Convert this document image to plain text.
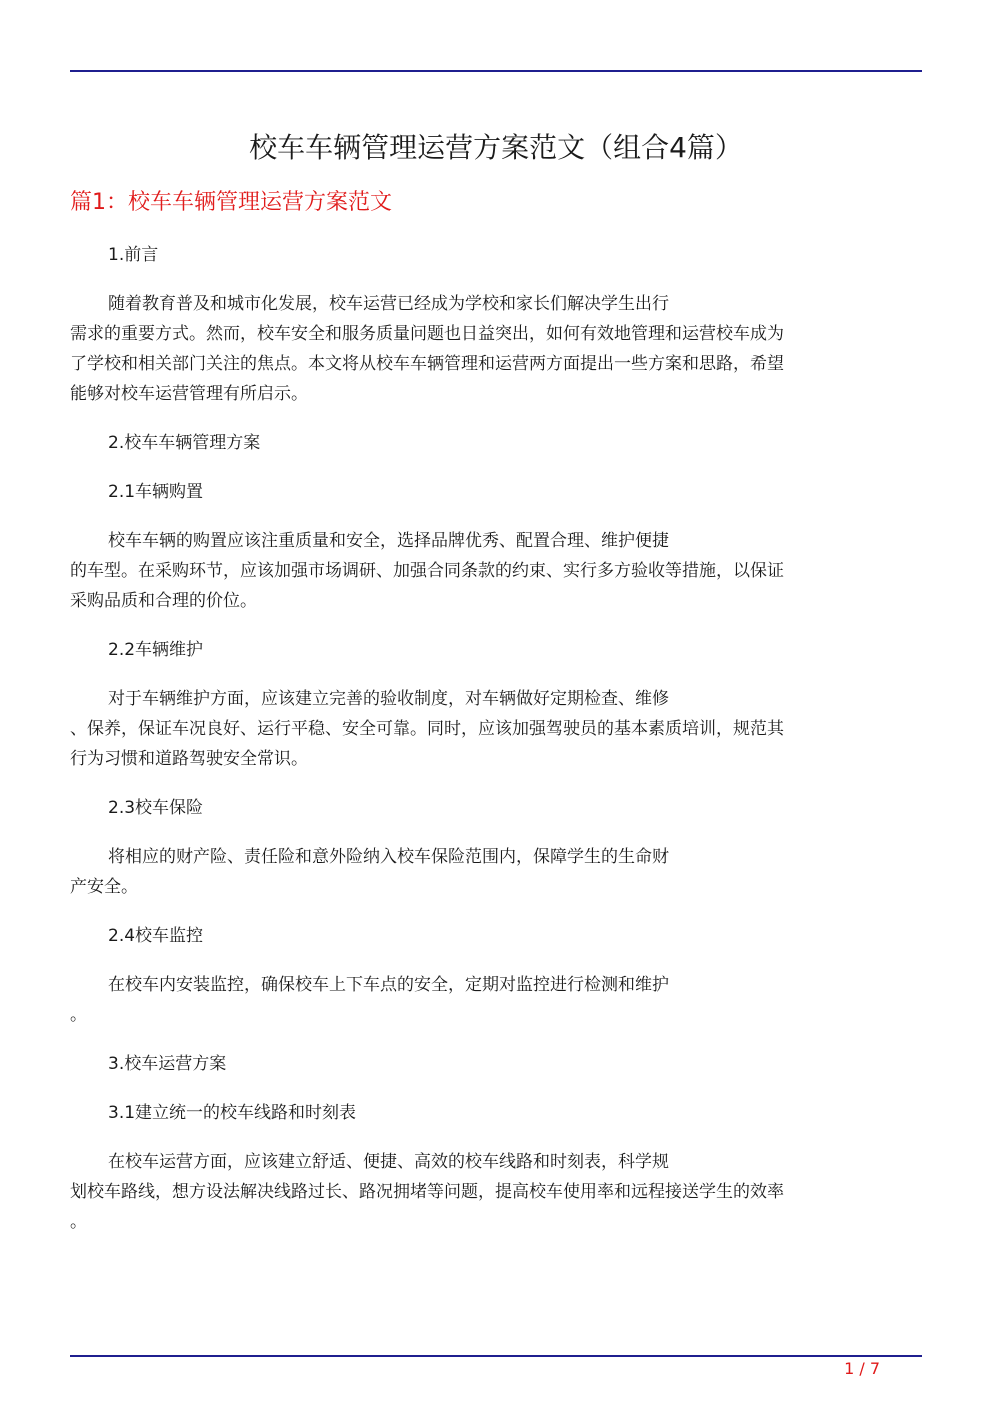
校车车辆管理运营方案范文（组合4篇）
篇1：校车车辆管理运营方案范文

1.前言

随着教育普及和城市化发展，校车运营已经成为学校和家长们解决学生出行
需求的重要方式。然而，校车安全和服务质量问题也日益突出，如何有效地管理和运营校车成为
了学校和相关部门关注的焦点。本文将从校车车辆管理和运营两方面提出一些方案和思路，希望
能够对校车运营管理有所启示。

2.校车车辆管理方案

2.1车辆购置

校车车辆的购置应该注重质量和安全，选择品牌优秀、配置合理、维护便捷
的车型。在采购环节，应该加强市场调研、加强合同条款的约束、实行多方验收等措施，以保证
采购品质和合理的价位。

2.2车辆维护

对于车辆维护方面，应该建立完善的验收制度，对车辆做好定期检查、维修
、保养，保证车况良好、运行平稳、安全可靠。同时，应该加强驾驶员的基本素质培训，规范其
行为习惯和道路驾驶安全常识。

2.3校车保险

将相应的财产险、责任险和意外险纳入校车保险范围内，保障学生的生命财
产安全。

2.4校车监控

在校车内安装监控，确保校车上下车点的安全，定期对监控进行检测和维护
。

3.校车运营方案

3.1建立统一的校车线路和时刻表

在校车运营方面，应该建立舒适、便捷、高效的校车线路和时刻表，科学规
划校车路线，想方设法解决线路过长、路况拥堵等问题，提高校车使用率和远程接送学生的效率
。

1 / 7
